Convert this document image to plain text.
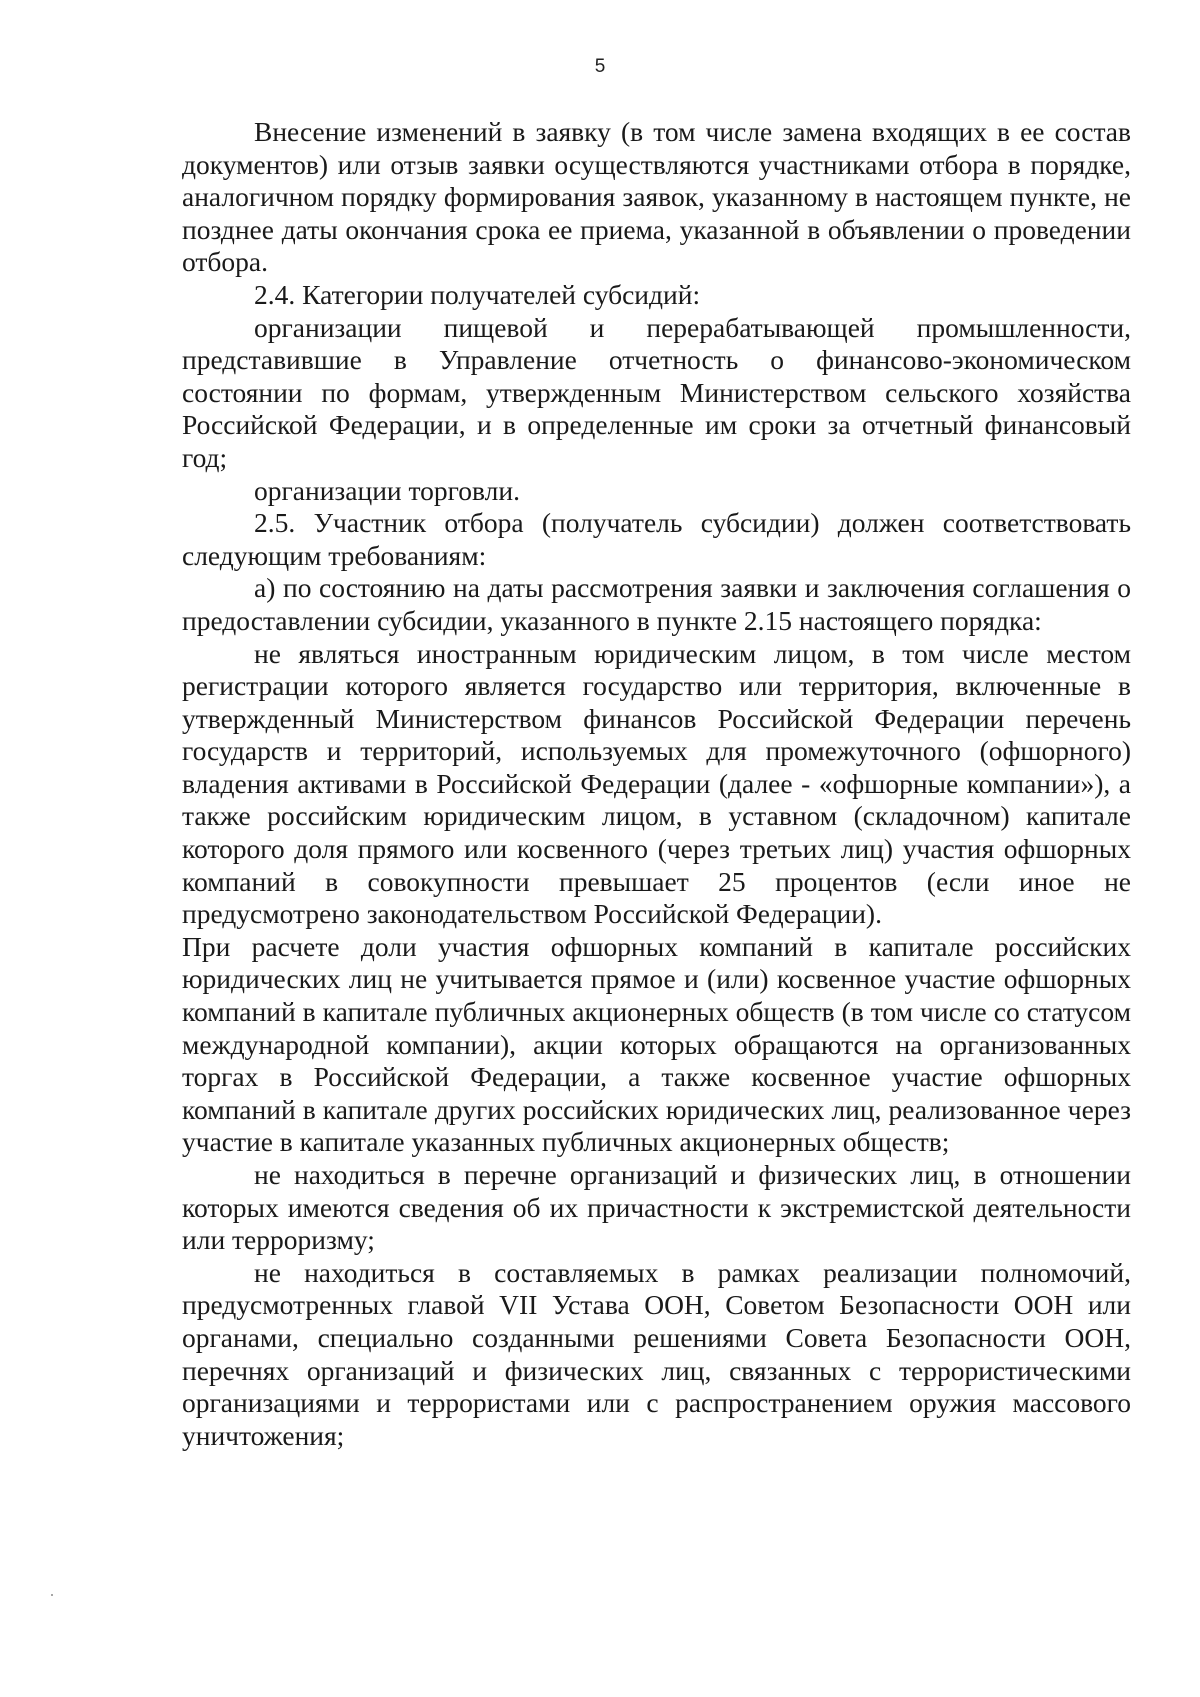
5

Внесение изменений в заявку (в том числе замена входящих в ее состав документов) или отзыв заявки осуществляются участниками отбора в порядке, аналогичном порядку формирования заявок, указанному в настоящем пункте, не позднее даты окончания срока ее приема, указанной в объявлении о проведении отбора.

2.4. Категории получателей субсидий:

организации пищевой и перерабатывающей промышленности, представившие в Управление отчетность о финансово-экономическом состоянии по формам, утвержденным Министерством сельского хозяйства Российской Федерации, и в определенные им сроки за отчетный финансовый год;

организации торговли.

2.5. Участник отбора (получатель субсидии) должен соответствовать следующим требованиям:

а) по состоянию на даты рассмотрения заявки и заключения соглашения о предоставлении субсидии, указанного в пункте 2.15 настоящего порядка:

не являться иностранным юридическим лицом, в том числе местом регистрации которого является государство или территория, включенные в утвержденный Министерством финансов Российской Федерации перечень государств и территорий, используемых для промежуточного (офшорного) владения активами в Российской Федерации (далее - «офшорные компании»), а также российским юридическим лицом, в уставном (складочном) капитале которого доля прямого или косвенного (через третьих лиц) участия офшорных компаний в совокупности превышает 25 процентов (если иное не предусмотрено законодательством Российской Федерации).

При расчете доли участия офшорных компаний в капитале российских юридических лиц не учитывается прямое и (или) косвенное участие офшорных компаний в капитале публичных акционерных обществ (в том числе со статусом международной компании), акции которых обращаются на организованных торгах в Российской Федерации, а также косвенное участие офшорных компаний в капитале других российских юридических лиц, реализованное через участие в капитале указанных публичных акционерных обществ;

не находиться в перечне организаций и физических лиц, в отношении которых имеются сведения об их причастности к экстремистской деятельности или терроризму;

не находиться в составляемых в рамках реализации полномочий, предусмотренных главой VII Устава ООН, Советом Безопасности ООН или органами, специально созданными решениями Совета Безопасности ООН, перечнях организаций и физических лиц, связанных с террористическими организациями и террористами или с распространением оружия массового уничтожения;
